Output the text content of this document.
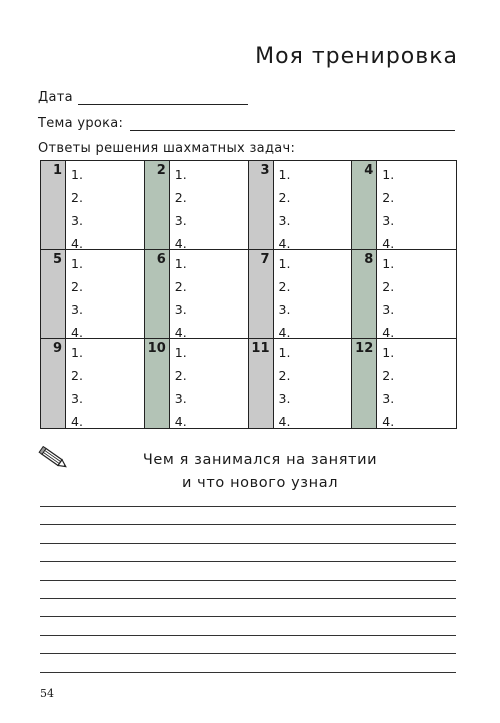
Моя тренировка
Дата
Тема урока:
Ответы решения шахматных задач:
1 1.
2.
3.
4.
2 1.
2.
3.
4.
3 1.
2.
3.
4.
4 1.
2.
3.
4.
5 1.
2.
3.
4.
6 1.
2.
3.
4.
7 1.
2.
3.
4.
8 1.
2.
3.
4.
9 1.
2.
3.
4.
10 1.
2.
3.
4.
11 1.
2.
3.
4.
12 1.
2.
3.
4.
Чем я занимался на занятии
и что нового узнал
54
